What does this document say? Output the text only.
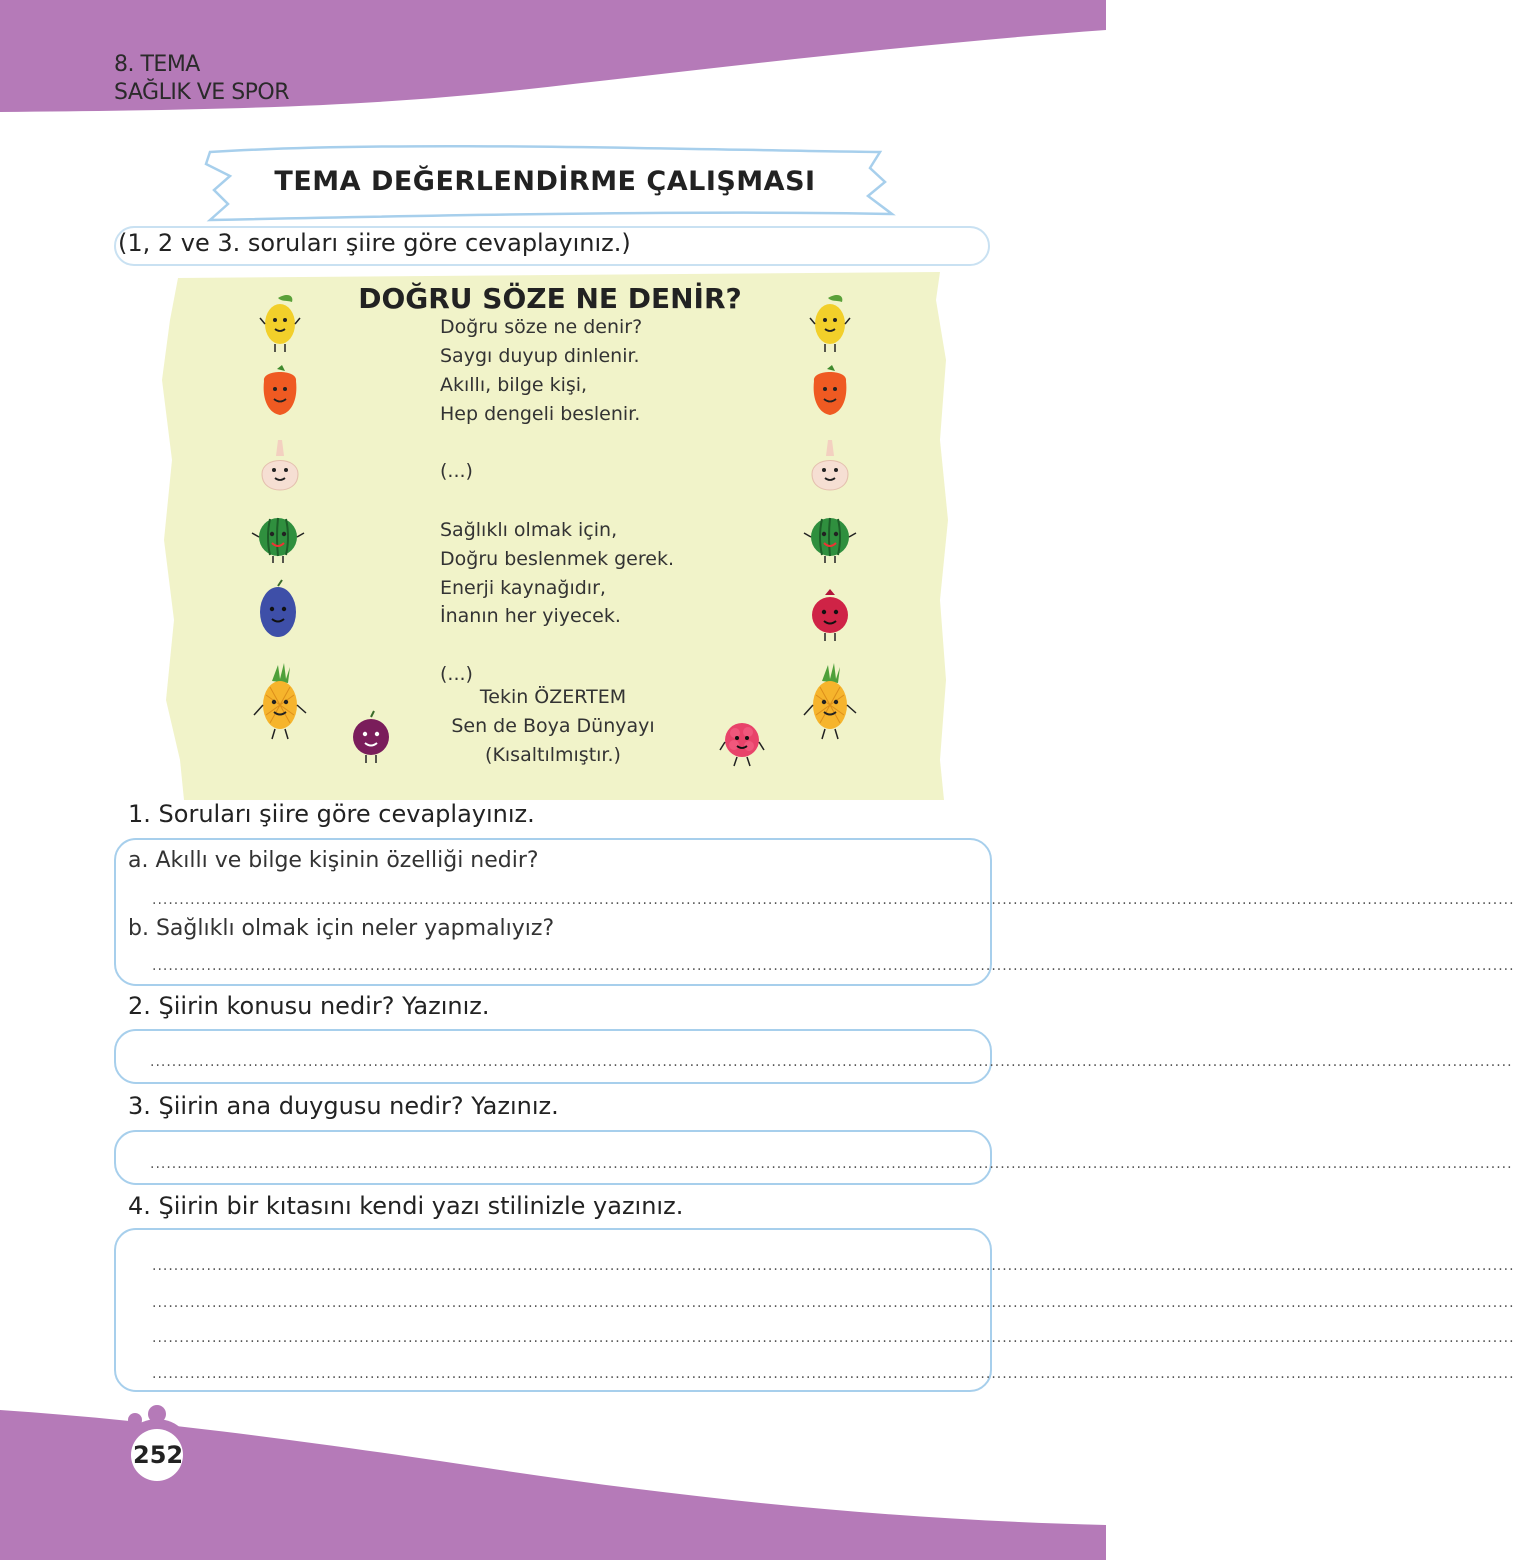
8. TEMA
SAĞLIK VE SPOR
TEMA DEĞERLENDİRME ÇALIŞMASI
(1, 2 ve 3. soruları şiire göre cevaplayınız.)
DOĞRU SÖZE NE DENİR?
Doğru söze ne denir?
Saygı duyup dinlenir.
Akıllı, bilge kişi,
Hep dengeli beslenir.
(...)
Sağlıklı olmak için,
Doğru beslenmek gerek.
Enerji kaynağıdır,
İnanın her yiyecek.
(...)
Tekin ÖZERTEM
Sen de Boya Dünyayı
(Kısaltılmıştır.)
1. Soruları şiire göre cevaplayınız.
a. Akıllı ve bilge kişinin özelliği nedir?
..........................................................................................................................................................................................................................................................
b. Sağlıklı olmak için neler yapmalıyız?
..........................................................................................................................................................................................................................................................
2. Şiirin konusu nedir? Yazınız.
..........................................................................................................................................................................................................................................................
3. Şiirin ana duygusu nedir? Yazınız.
..........................................................................................................................................................................................................................................................
4. Şiirin bir kıtasını kendi yazı stilinizle yazınız.
..........................................................................................................................................................................................................................................................
..........................................................................................................................................................................................................................................................
..........................................................................................................................................................................................................................................................
..........................................................................................................................................................................................................................................................
252
